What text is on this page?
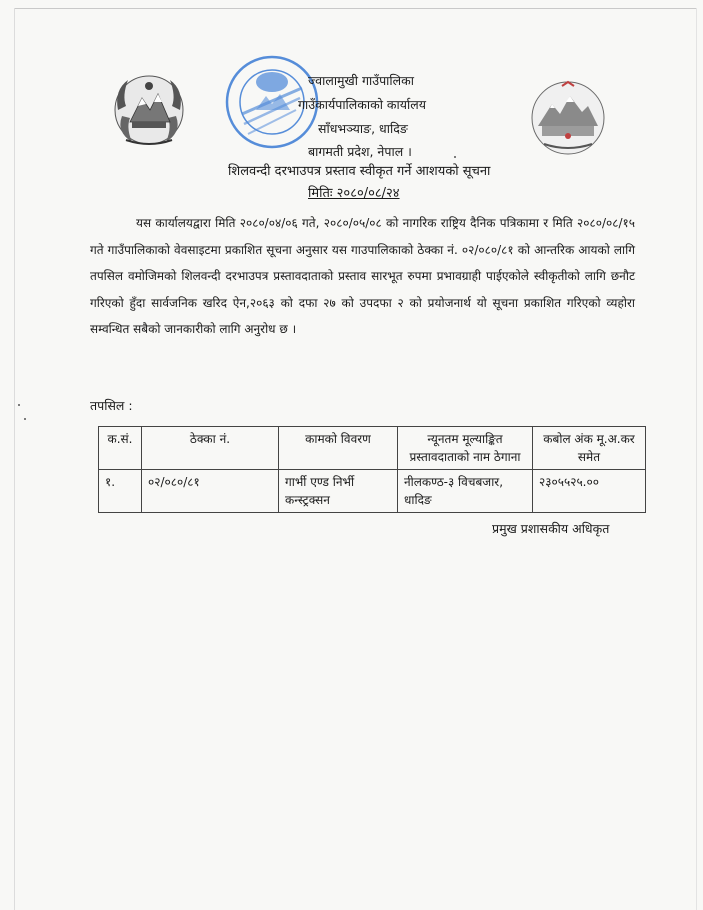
ज्वालामुखी गाउँपालिका
गाउँकार्यपालिकाको कार्यालय
साँधभञ्याङ, धादिङ
बागमती प्रदेश, नेपाल ।
शिलवन्दी दरभाउपत्र प्रस्ताव स्वीकृत गर्ने आशयको सूचना
मितिः २०८०/०८/२४
यस कार्यालयद्वारा मिति २०८०/०४/०६ गते, २०८०/०५/०८ को नागरिक राष्ट्रिय दैनिक पत्रिकामा र मिति २०८०/०८/१५ गते गाउँपालिकाको वेवसाइटमा प्रकाशित सूचना अनुसार यस गाउपालिकाको ठेक्का नं. ०२/०८०/८१ को आन्तरिक आयको लागि तपसिल वमोजिमको शिलवन्दी दरभाउपत्र प्रस्तावदाताको प्रस्ताव सारभूत रुपमा प्रभावग्राही पाईएकोले स्वीकृतीको लागि छनौट गरिएको हुँदा सार्वजनिक खरिद ऐन,२०६३ को दफा २७ को उपदफा २ को प्रयोजनार्थ यो सूचना प्रकाशित गरिएको व्यहोरा सम्वन्धित सबैको जानकारीको लागि अनुरोध छ ।
तपसिल :
क.सं.	ठेक्का नं.	कामको विवरण	न्यूनतम मूल्याङ्कित प्रस्तावदाताको नाम ठेगाना	कबोल अंक मू.अ.कर समेत
१.	०२/०८०/८१	गार्भी एण्ड निर्भी कन्स्ट्रक्सन	नीलकण्ठ-३ विचबजार, धादिङ	२३०५५२५.००
प्रमुख प्रशासकीय अधिकृत
